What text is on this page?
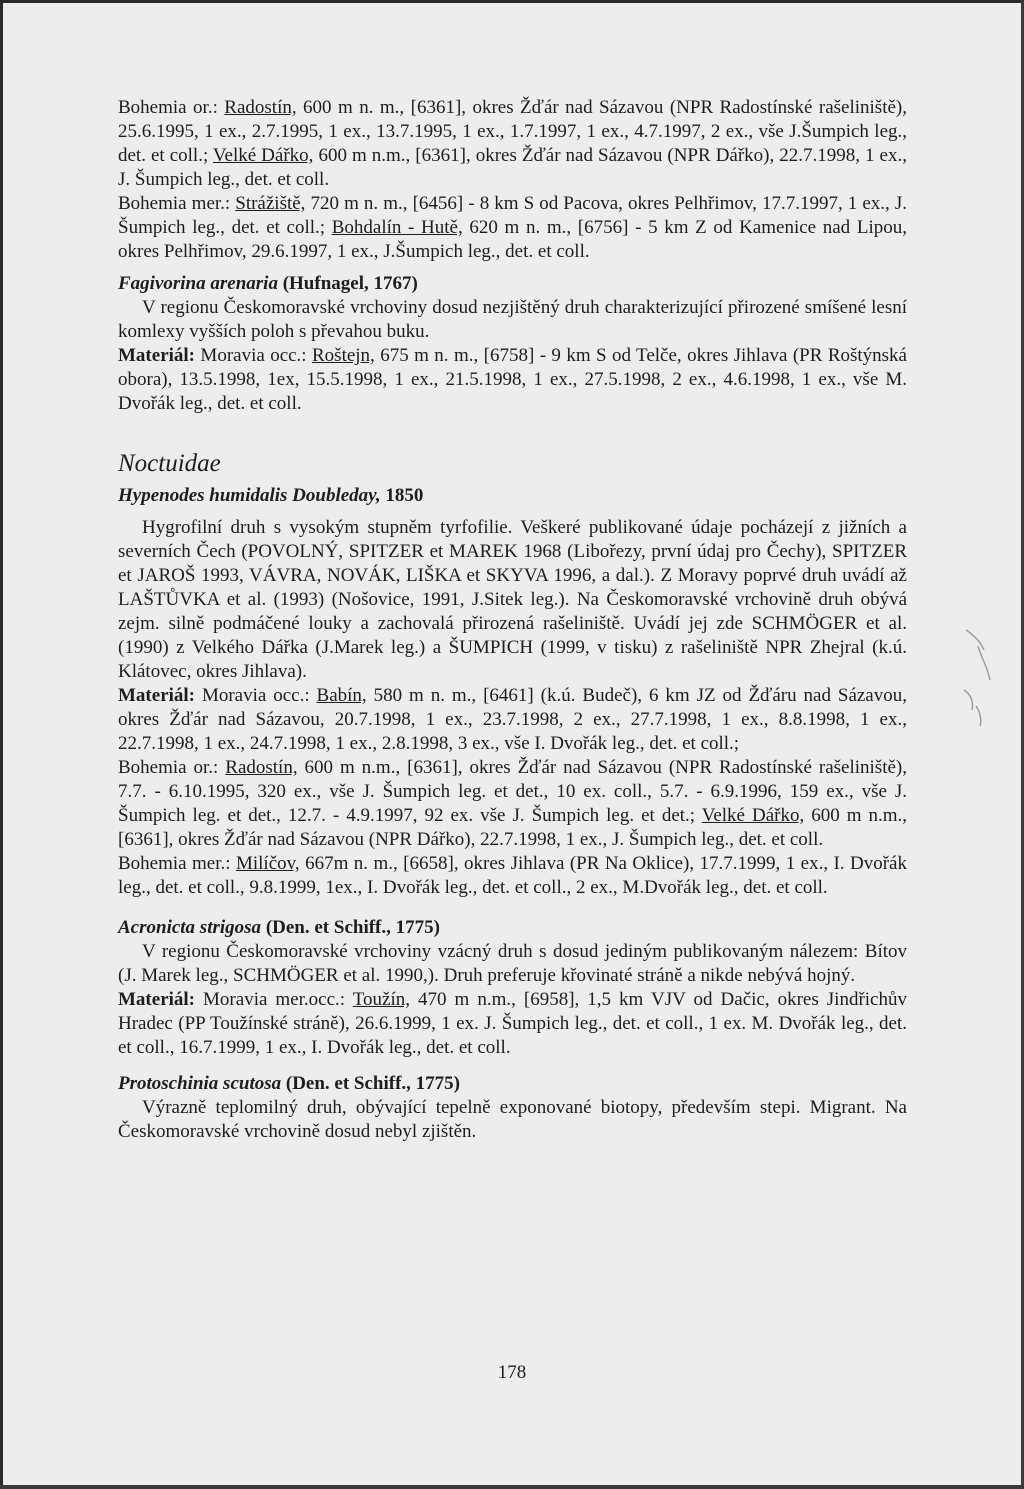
Bohemia or.: Radostín, 600 m n. m., [6361], okres Žďár nad Sázavou (NPR Radostínské rašeliniště), 25.6.1995, 1 ex., 2.7.1995, 1 ex., 13.7.1995, 1 ex., 1.7.1997, 1 ex., 4.7.1997, 2 ex., vše J.Šumpich leg., det. et coll.; Velké Dářko, 600 m n.m., [6361], okres Žďár nad Sázavou (NPR Dářko), 22.7.1998, 1 ex., J. Šumpich leg., det. et coll.

Bohemia mer.: Strážiště, 720 m n. m., [6456] - 8 km S od Pacova, okres Pelhřimov, 17.7.1997, 1 ex., J. Šumpich leg., det. et coll.; Bohdalín - Hutě, 620 m n. m., [6756] - 5 km Z od Kamenice nad Lipou, okres Pelhřimov, 29.6.1997, 1 ex., J.Šumpich leg., det. et coll.

Fagivorina arenaria (Hufnagel, 1767)

V regionu Českomoravské vrchoviny dosud nezjištěný druh charakterizující přirozené smíšené lesní komlexy vyšších poloh s převahou buku.

Materiál: Moravia occ.: Roštejn, 675 m n. m., [6758] - 9 km S od Telče, okres Jihlava (PR Roštýnská obora), 13.5.1998, 1ex, 15.5.1998, 1 ex., 21.5.1998, 1 ex., 27.5.1998, 2 ex., 4.6.1998, 1 ex., vše M. Dvořák leg., det. et coll.

Noctuidae

Hypenodes humidalis Doubleday, 1850

Hygrofilní druh s vysokým stupněm tyrfofilie. Veškeré publikované údaje pocházejí z jižních a severních Čech (POVOLNÝ, SPITZER et MAREK 1968 (Libořezy, první údaj pro Čechy), SPITZER et JAROŠ 1993, VÁVRA, NOVÁK, LIŠKA et SKYVA 1996, a dal.). Z Moravy poprvé druh uvádí až LAŠTŮVKA et al. (1993) (Nošovice, 1991, J.Sitek leg.). Na Českomoravské vrchovině druh obývá zejm. silně podmáčené louky a zachovalá přirozená rašeliniště. Uvádí jej zde SCHMÖGER et al. (1990) z Velkého Dářka (J.Marek leg.) a ŠUMPICH (1999, v tisku) z rašeliniště NPR Zhejral (k.ú. Klátovec, okres Jihlava).

Materiál: Moravia occ.: Babín, 580 m n. m., [6461] (k.ú. Budeč), 6 km JZ od Žďáru nad Sázavou, okres Žďár nad Sázavou, 20.7.1998, 1 ex., 23.7.1998, 2 ex., 27.7.1998, 1 ex., 8.8.1998, 1 ex., 22.7.1998, 1 ex., 24.7.1998, 1 ex., 2.8.1998, 3 ex., vše I. Dvořák leg., det. et coll.;

Bohemia or.: Radostín, 600 m n.m., [6361], okres Žďár nad Sázavou (NPR Radostínské rašeliniště), 7.7. - 6.10.1995, 320 ex., vše J. Šumpich leg. et det., 10 ex. coll., 5.7. - 6.9.1996, 159 ex., vše J. Šumpich leg. et det., 12.7. - 4.9.1997, 92 ex. vše J. Šumpich leg. et det.; Velké Dářko, 600 m n.m., [6361], okres Žďár nad Sázavou (NPR Dářko), 22.7.1998, 1 ex., J. Šumpich leg., det. et coll.

Bohemia mer.: Milíčov, 667m n. m., [6658], okres Jihlava (PR Na Oklice), 17.7.1999, 1 ex., I. Dvořák leg., det. et coll., 9.8.1999, 1ex., I. Dvořák leg., det. et coll., 2 ex., M.Dvořák leg., det. et coll.

Acronicta strigosa (Den. et Schiff., 1775)

V regionu Českomoravské vrchoviny vzácný druh s dosud jediným publikovaným nálezem: Bítov (J. Marek leg., SCHMÖGER et al. 1990,). Druh preferuje křovinaté stráně a nikde nebývá hojný.

Materiál: Moravia mer.occ.: Toužín, 470 m n.m., [6958], 1,5 km VJV od Dačic, okres Jindřichův Hradec (PP Toužínské stráně), 26.6.1999, 1 ex. J. Šumpich leg., det. et coll., 1 ex. M. Dvořák leg., det. et coll., 16.7.1999, 1 ex., I. Dvořák leg., det. et coll.

Protoschinia scutosa (Den. et Schiff., 1775)

Výrazně teplomilný druh, obývající tepelně exponované biotopy, především stepi. Migrant. Na Českomoravské vrchovině dosud nebyl zjištěn.

178
